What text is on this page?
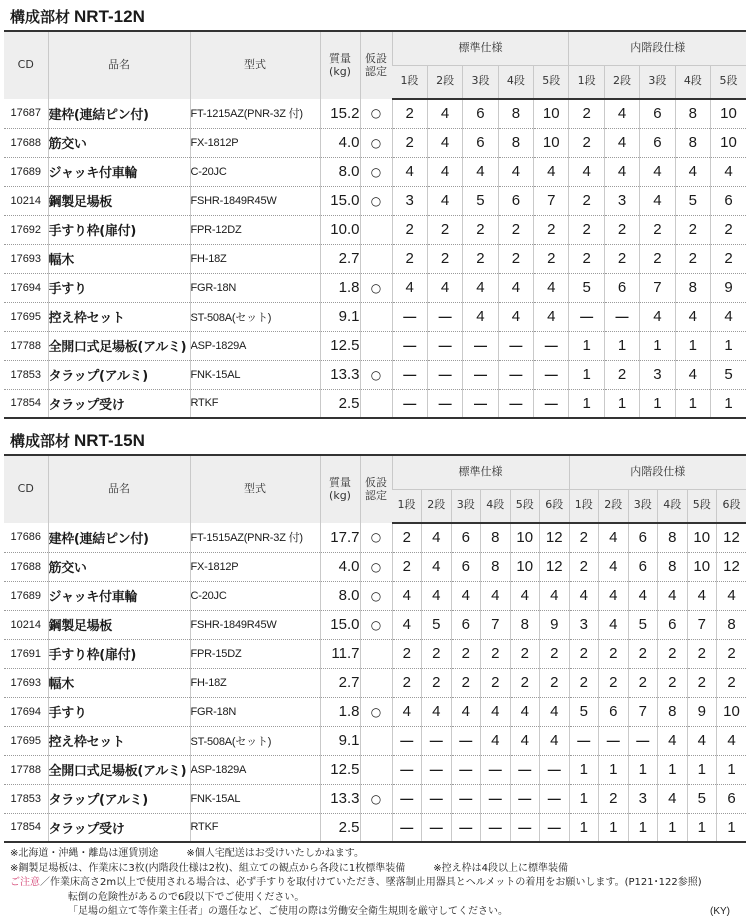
構成部材 NRT-12N
CD	品名	型式	質量
(kg)	仮設
認定	標準仕様					内階段仕様				
					1段	2段	3段	4段	5段	1段	2段	3段	4段	5段
17687	建枠(連結ピン付)	FT-1215AZ(PNR-3Z 付)	15.2	○	2	4	6	8	10	2	4	6	8	10
17688	筋交い	FX-1812P	4.0	○	2	4	6	8	10	2	4	6	8	10
17689	ジャッキ付車輪	C-20JC	8.0	○	4	4	4	4	4	4	4	4	4	4
10214	鋼製足場板	FSHR-1849R45W	15.0	○	3	4	5	6	7	2	3	4	5	6
17692	手すり枠(扉付)	FPR-12DZ	10.0		2	2	2	2	2	2	2	2	2	2
17693	幅木	FH-18Z	2.7		2	2	2	2	2	2	2	2	2	2
17694	手すり	FGR-18N	1.8	○	4	4	4	4	4	5	6	7	8	9
17695	控え枠セット	ST-508A(セット)	9.1		—	—	4	4	4	—	—	4	4	4
17788	全開口式足場板(アルミ)	ASP-1829A	12.5		—	—	—	—	—	1	1	1	1	1
17853	タラップ(アルミ)	FNK-15AL	13.3	○	—	—	—	—	—	1	2	3	4	5
17854	タラップ受け	RTKF	2.5		—	—	—	—	—	1	1	1	1	1
構成部材 NRT-15N
CD	品名	型式	質量
(kg)	仮設
認定	標準仕様						内階段仕様					
					1段	2段	3段	4段	5段	6段	1段	2段	3段	4段	5段	6段
17686	建枠(連結ピン付)	FT-1515AZ(PNR-3Z 付)	17.7	○	2	4	6	8	10	12	2	4	6	8	10	12
17688	筋交い	FX-1812P	4.0	○	2	4	6	8	10	12	2	4	6	8	10	12
17689	ジャッキ付車輪	C-20JC	8.0	○	4	4	4	4	4	4	4	4	4	4	4	4
10214	鋼製足場板	FSHR-1849R45W	15.0	○	4	5	6	7	8	9	3	4	5	6	7	8
17691	手すり枠(扉付)	FPR-15DZ	11.7		2	2	2	2	2	2	2	2	2	2	2	2
17693	幅木	FH-18Z	2.7		2	2	2	2	2	2	2	2	2	2	2	2
17694	手すり	FGR-18N	1.8	○	4	4	4	4	4	4	5	6	7	8	9	10
17695	控え枠セット	ST-508A(セット)	9.1		—	—	—	4	4	4	—	—	—	4	4	4
17788	全開口式足場板(アルミ)	ASP-1829A	12.5		—	—	—	—	—	—	1	1	1	1	1	1
17853	タラップ(アルミ)	FNK-15AL	13.3	○	—	—	—	—	—	—	1	2	3	4	5	6
17854	タラップ受け	RTKF	2.5		—	—	—	—	—	—	1	1	1	1	1	1
※北海道・沖縄・離島は運賃別途	※個人宅配送はお受けいたしかねます。
※鋼製足場板は、作業床に3枚(内階段仕様は2枚)、組立ての観点から各段に1枚標準装備	※控え枠は4段以上に標準装備
ご注意／作業床高さ2m以上で使用される場合は、必ず手すりを取付けていただき、墜落制止用器具とヘルメットの着用をお願いします。(P121･122参照)
転倒の危険性があるので6段以下でご使用ください。
「足場の組立て等作業主任者」の選任など、ご使用の際は労働安全衛生規則を厳守してください。	(KY)
